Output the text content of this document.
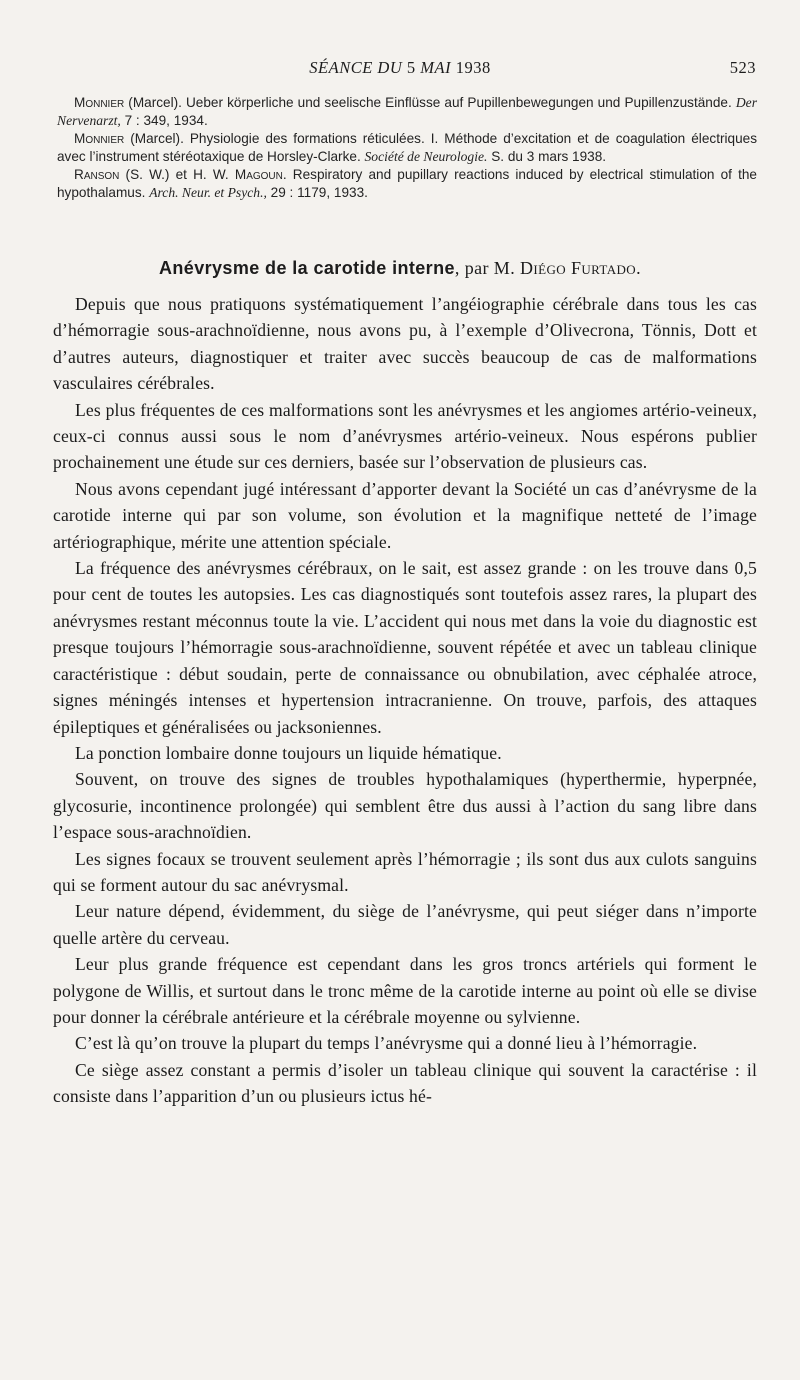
SÉANCE DU 5 MAI 1938	523

Monnier (Marcel). Ueber körperliche und seelische Einflüsse auf Pupillenbewegungen und Pupillenzustände. Der Nervenarzt, 7 : 349, 1934.

Monnier (Marcel). Physiologie des formations réticulées. I. Méthode d’excitation et de coagulation électriques avec l’instrument stéréotaxique de Horsley-Clarke. Société de Neurologie. S. du 3 mars 1938.

Ranson (S. W.) et H. W. Magoun. Respiratory and pupillary reactions induced by electrical stimulation of the hypothalamus. Arch. Neur. et Psych., 29 : 1179, 1933.

Anévrysme de la carotide interne, par M. Diégo Furtado.

Depuis que nous pratiquons systématiquement l’angéiographie cérébrale dans tous les cas d’hémorragie sous-arachnoïdienne, nous avons pu, à l’exemple d’Olivecrona, Tönnis, Dott et d’autres auteurs, diagnostiquer et traiter avec succès beaucoup de cas de malformations vasculaires cérébrales.

Les plus fréquentes de ces malformations sont les anévrysmes et les angiomes artério-veineux, ceux-ci connus aussi sous le nom d’anévrysmes artério-veineux. Nous espérons publier prochainement une étude sur ces derniers, basée sur l’observation de plusieurs cas.

Nous avons cependant jugé intéressant d’apporter devant la Société un cas d’anévrysme de la carotide interne qui par son volume, son évolution et la magnifique netteté de l’image artériographique, mérite une attention spéciale.

La fréquence des anévrysmes cérébraux, on le sait, est assez grande : on les trouve dans 0,5 pour cent de toutes les autopsies. Les cas diagnostiqués sont toutefois assez rares, la plupart des anévrysmes restant méconnus toute la vie. L’accident qui nous met dans la voie du diagnostic est presque toujours l’hémorragie sous-arachnoïdienne, souvent répétée et avec un tableau clinique caractéristique : début soudain, perte de connaissance ou obnubilation, avec céphalée atroce, signes méningés intenses et hypertension intracranienne. On trouve, parfois, des attaques épileptiques et généralisées ou jacksoniennes.

La ponction lombaire donne toujours un liquide hématique.

Souvent, on trouve des signes de troubles hypothalamiques (hyperthermie, hyperpnée, glycosurie, incontinence prolongée) qui semblent être dus aussi à l’action du sang libre dans l’espace sous-arachnoïdien.

Les signes focaux se trouvent seulement après l’hémorragie ; ils sont dus aux culots sanguins qui se forment autour du sac anévrysmal.

Leur nature dépend, évidemment, du siège de l’anévrysme, qui peut siéger dans n’importe quelle artère du cerveau.

Leur plus grande fréquence est cependant dans les gros troncs artériels qui forment le polygone de Willis, et surtout dans le tronc même de la carotide interne au point où elle se divise pour donner la cérébrale antérieure et la cérébrale moyenne ou sylvienne.

C’est là qu’on trouve la plupart du temps l’anévrysme qui a donné lieu à l’hémorragie.

Ce siège assez constant a permis d’isoler un tableau clinique qui souvent la caractérise : il consiste dans l’apparition d’un ou plusieurs ictus hé-
